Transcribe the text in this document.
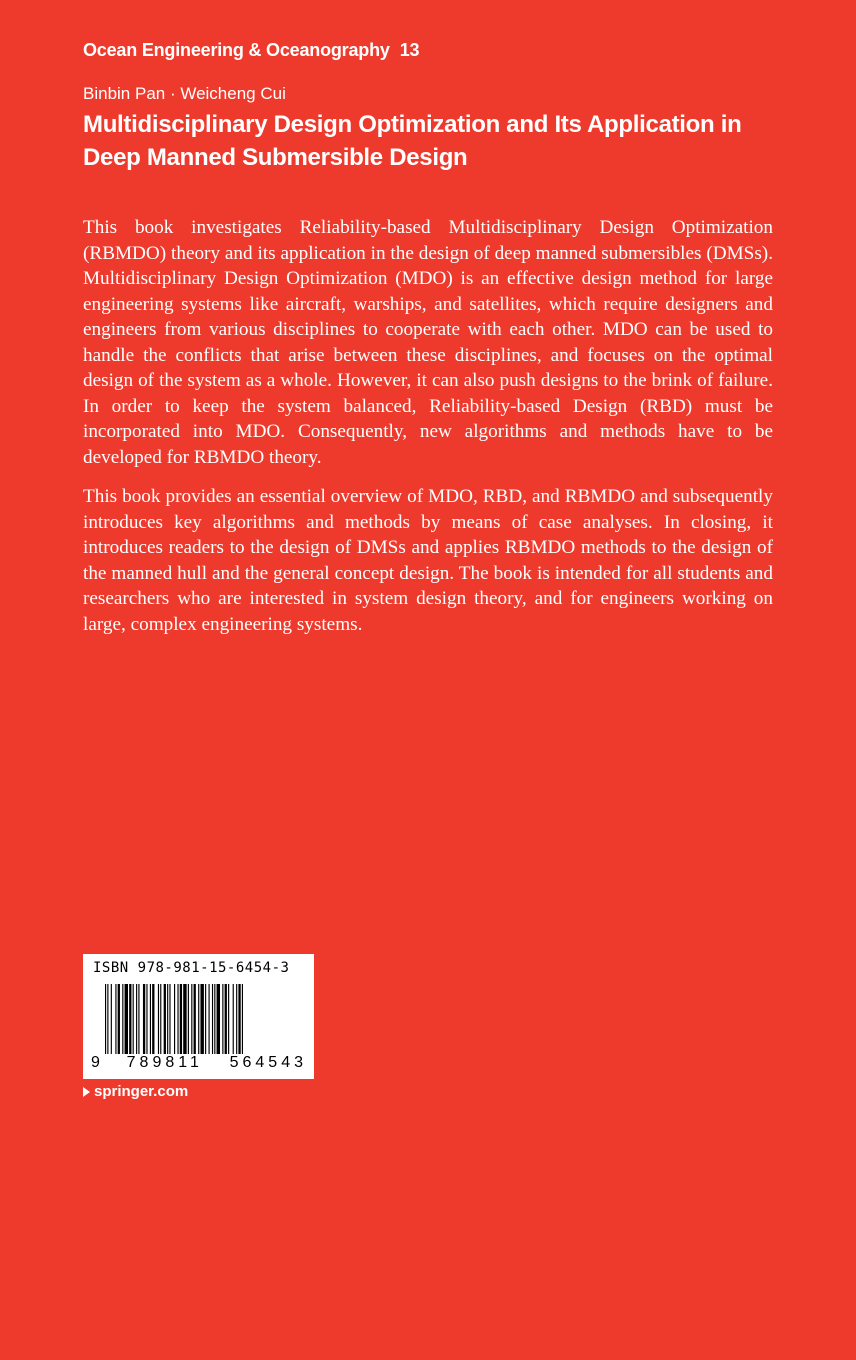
Ocean Engineering & Oceanography 13
Binbin Pan · Weicheng Cui
Multidisciplinary Design Optimization and Its Application in Deep Manned Submersible Design

This book investigates Reliability-based Multidisciplinary Design Optimization (RBMDO) theory and its application in the design of deep manned submersibles (DMSs). Multidisciplinary Design Optimization (MDO) is an effective design method for large engineering systems like aircraft, warships, and satellites, which require designers and engineers from various disciplines to cooperate with each other. MDO can be used to handle the conflicts that arise between these disciplines, and focuses on the optimal design of the system as a whole. However, it can also push designs to the brink of failure. In order to keep the system balanced, Reliability-based Design (RBD) must be incorporated into MDO. Consequently, new algorithms and methods have to be developed for RBMDO theory.

This book provides an essential overview of MDO, RBD, and RBMDO and subsequently introduces key algorithms and methods by means of case analyses. In closing, it introduces readers to the design of DMSs and applies RBMDO methods to the design of the manned hull and the general concept design. The book is intended for all students and researchers who are interested in system design theory, and for engineers working on large, complex engineering systems.

ISBN 978-981-15-6454-3
9 789811 564543
springer.com
